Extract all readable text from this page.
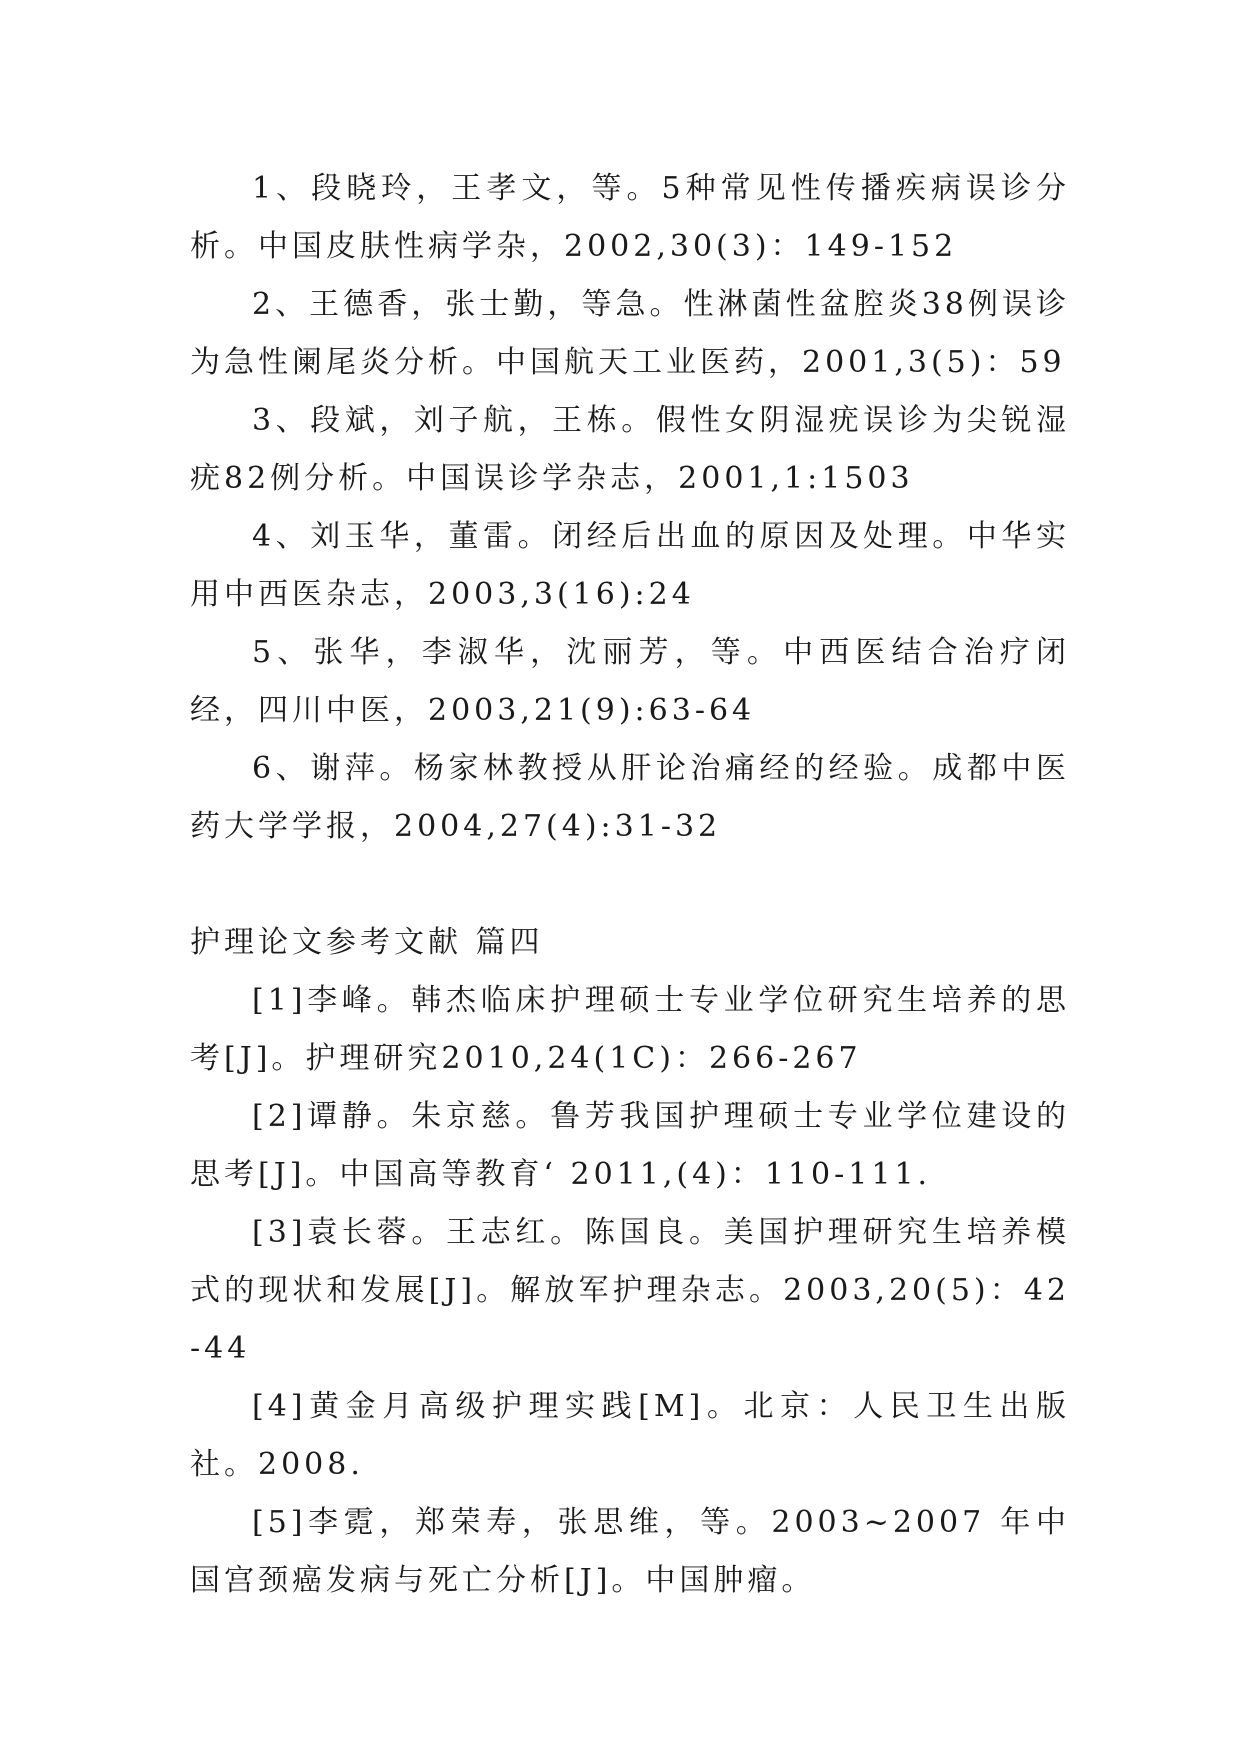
1、段晓玲，王孝文，等。5种常见性传播疾病误诊分析。中国皮肤性病学杂，2002,30(3)：149-152

2、王德香，张士勤，等急。性淋菌性盆腔炎38例误诊为急性阑尾炎分析。中国航天工业医药，2001,3(5)：59

3、段斌，刘子航，王栋。假性女阴湿疣误诊为尖锐湿疣82例分析。中国误诊学杂志，2001,1:1503

4、刘玉华，董雷。闭经后出血的原因及处理。中华实用中西医杂志，2003,3(16):24

5、张华，李淑华，沈丽芳，等。中西医结合治疗闭经，四川中医，2003,21(9):63-64

6、谢萍。杨家林教授从肝论治痛经的经验。成都中医药大学学报，2004,27(4):31-32

护理论文参考文献 篇四

[1]李峰。韩杰临床护理硕士专业学位研究生培养的思考[J]。护理研究2010,24(1C)：266-267

[2]谭静。朱京慈。鲁芳我国护理硕士专业学位建设的思考[J]。中国高等教育‘ 2011,(4)：110-111.

[3]袁长蓉。王志红。陈国良。美国护理研究生培养模式的现状和发展[J]。解放军护理杂志。2003,20(5)：42-44

[4]黄金月高级护理实践[M]。北京：人民卫生出版社。2008.

[5]李霓，郑荣寿，张思维，等。2003~2007 年中国宫颈癌发病与死亡分析[J]。中国肿瘤。
